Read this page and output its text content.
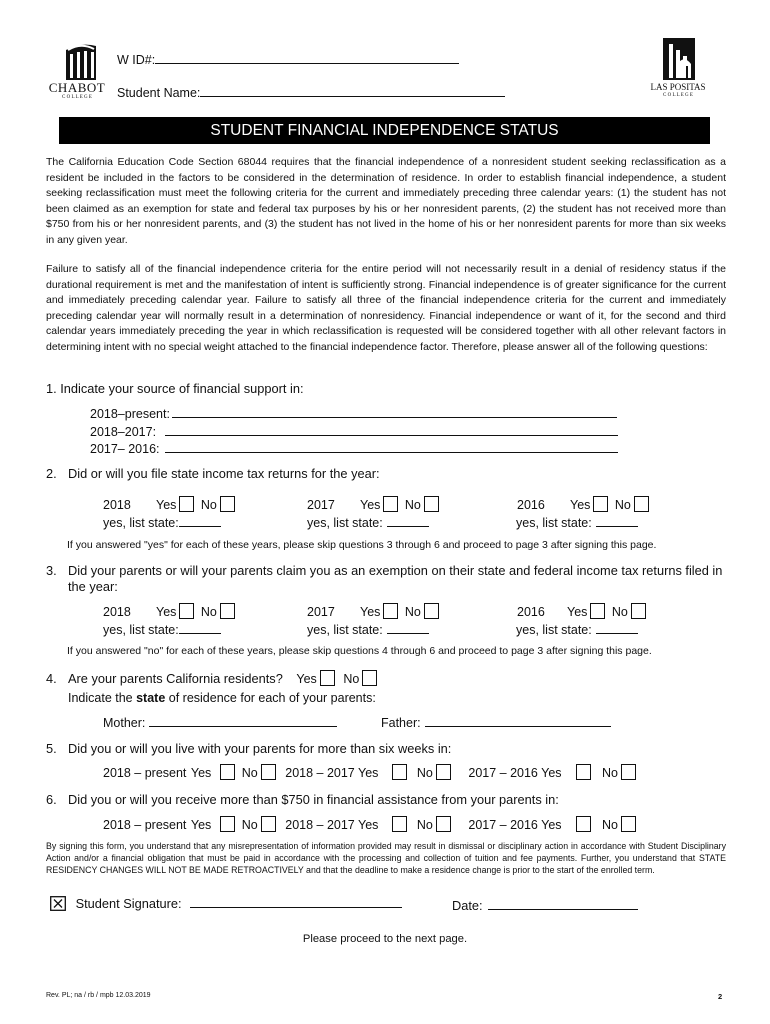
CHABOT
C O L L E G E
W ID#:
Student Name:	LAS POSITAS
C O L L E G E
STUDENT FINANCIAL INDEPENDENCE STATUS
The California Education Code Section 68044 requires that the financial independence of a nonresident student seeking reclassification as a resident be included in the factors to be considered in the determination of residence. In order to establish financial independence, a student seeking reclassification must meet the following criteria for the current and immediately preceding three calendar years: (1) the student has not been claimed as an exemption for state and federal tax purposes by his or her nonresident parents, (2) the student has not received more than $750 from his or her nonresident parents, and (3) the student has not lived in the home of his or her nonresident parents for more than six weeks in any given year.
Failure to satisfy all of the financial independence criteria for the entire period will not necessarily result in a denial of residency status if the durational requirement is met and the manifestation of intent is sufficiently strong. Financial independence is of greater significance for the current and immediately preceding calendar year. Failure to satisfy all three of the financial independence criteria for the current and immediately preceding calendar year will normally result in a determination of nonresidency. Financial independence or want of it, for the second and third calendar years immediately preceding the year in which reclassification is requested will be considered together with all other relevant factors in determining intent with no special weight attached to the financial independence factor. Therefore, please answer all of the following questions:
1. Indicate your source of financial support in:
2018–present:
2018–2017:
2017– 2016:
2. Did or will you file state income tax returns for the year:
2018 Yes No	2017 Yes No	2016 Yes No
yes, list state:	yes, list state:	yes, list state:
If you answered "yes" for each of these years, please skip questions 3 through 6 and proceed to page 3 after signing this page.
3. Did your parents or will your parents claim you as an exemption on their state and federal income tax returns filed in
the year:
2018 Yes No	2017 Yes No	2016 Yes No
yes, list state:	yes, list state:	yes, list state:
If you answered "no" for each of these years, please skip questions 4 through 6 and proceed to page 3 after signing this page.
4. Are your parents California residents? Yes No
Indicate the state of residence for each of your parents:
Mother:	Father:
5. Did you or will you live with your parents for more than six weeks in:
2018 – present Yes No 2018 – 2017 Yes	No	2017 – 2016 Yes	No
6. Did you or will you receive more than $750 in financial assistance from your parents in:
2018 – present Yes No 2018 – 2017 Yes	No	2017 – 2016 Yes	No
By signing this form, you understand that any misrepresentation of information provided may result in dismissal or disciplinary action in accordance with Student Disciplinary Action and/or a financial obligation that must be paid in accordance with the processing and collection of tuition and fee payments. Further, you understand that STATE RESIDENCY CHANGES WILL NOT BE MADE RETROACTIVELY and that the deadline to make a residence change is prior to the start of the enrolled term.
Student Signature:	Date:
Please proceed to the next page.
Rev. PL; na / rb / mpb 12.03.2019	2
